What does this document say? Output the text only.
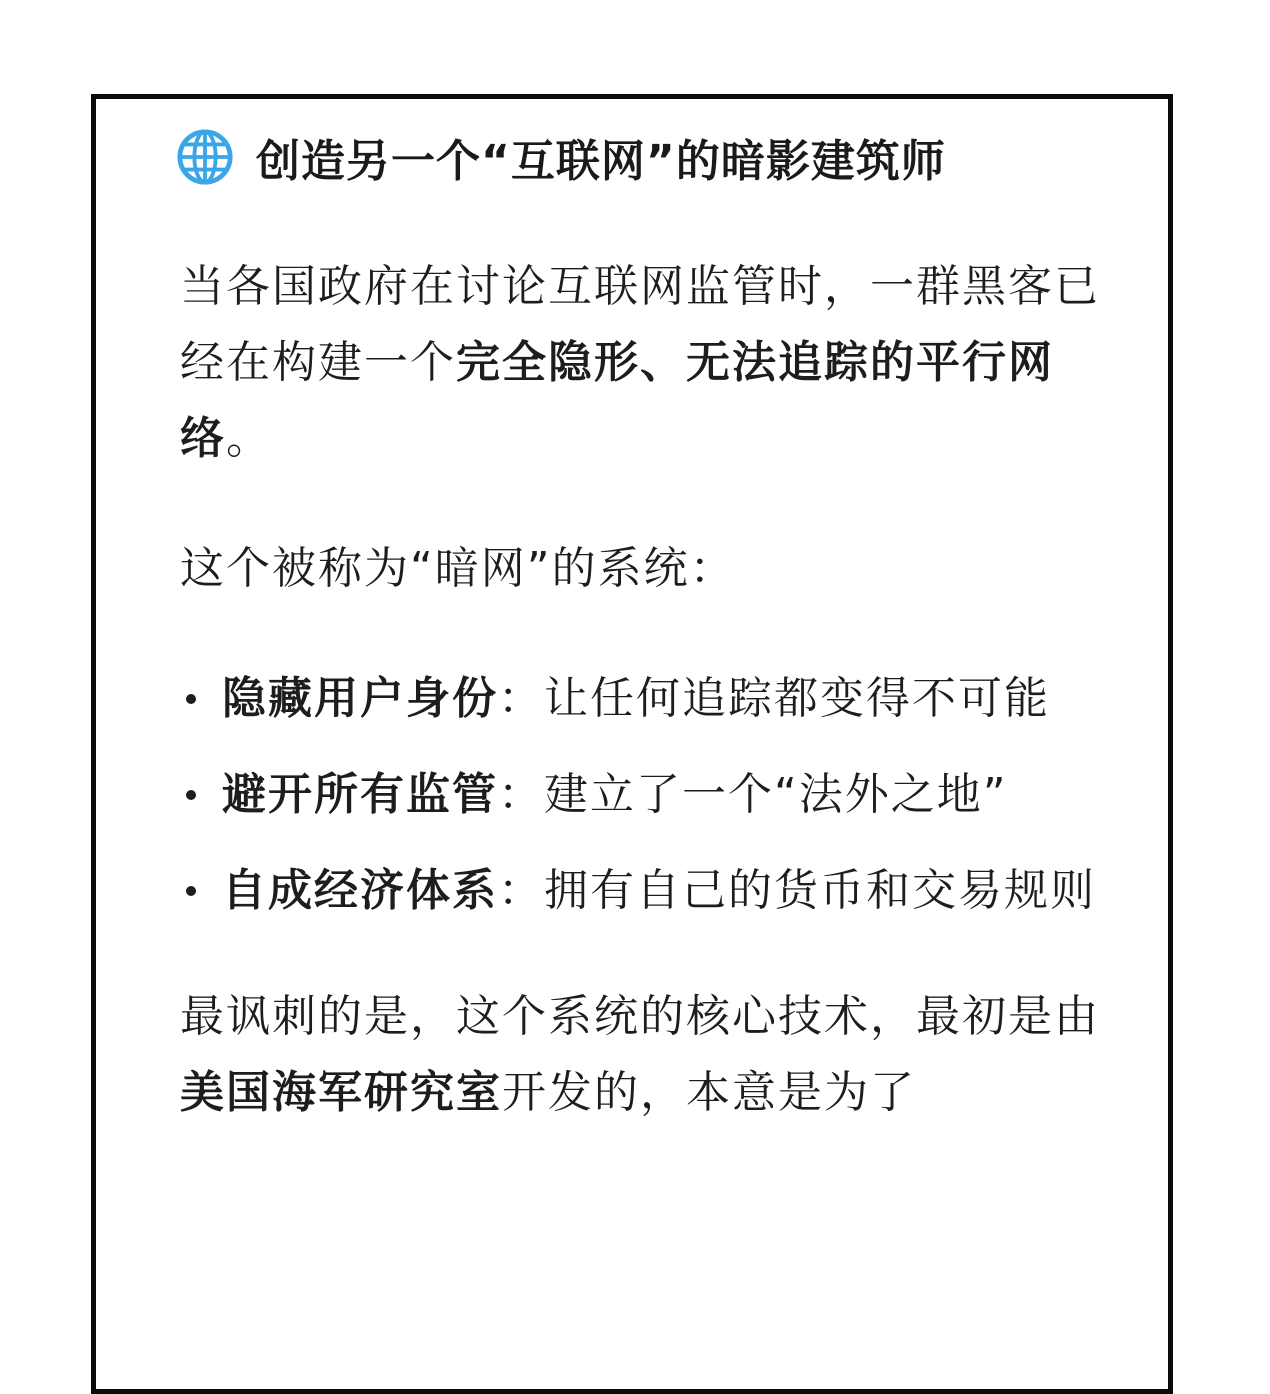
创造另一个“互联网”的暗影建筑师

当各国政府在讨论互联网监管时，一群黑客已经在构建一个完全隐形、无法追踪的平行网络。

这个被称为“暗网”的系统：

隐藏用户身份：让任何追踪都变得不可能
避开所有监管：建立了一个“法外之地”
自成经济体系：拥有自己的货币和交易规则

最讽刺的是，这个系统的核心技术，最初是由美国海军研究室开发的，本意是为了
